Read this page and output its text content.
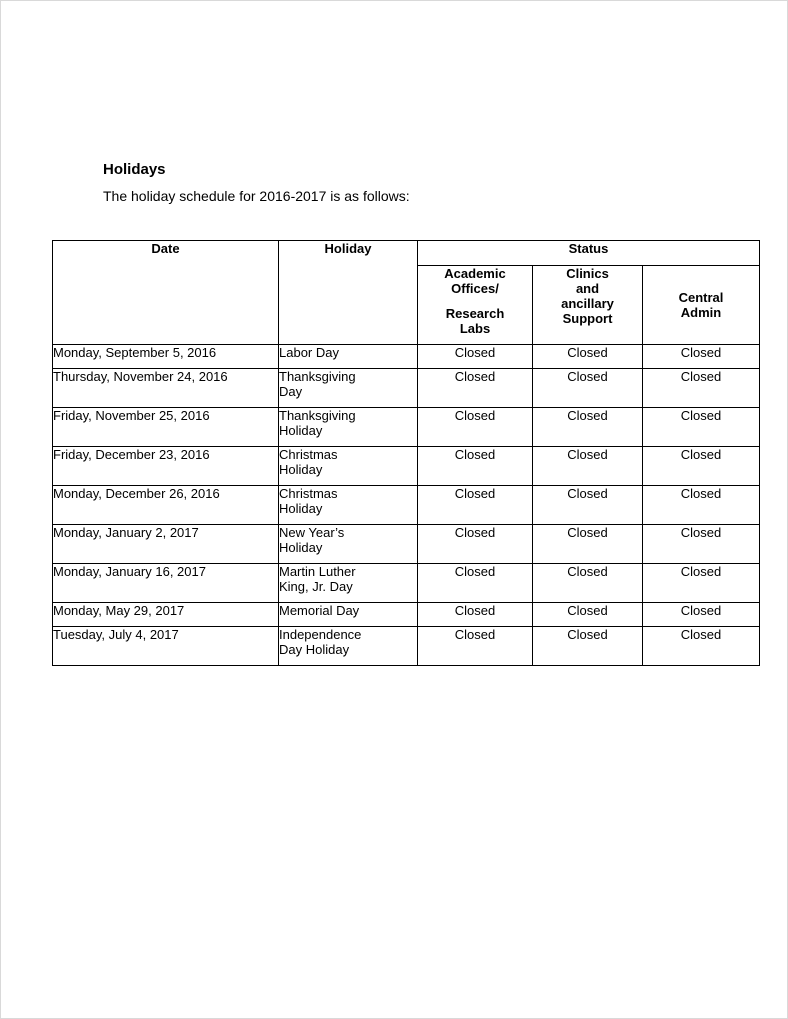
Holidays

The holiday schedule for 2016-2017 is as follows:

Date	Holiday	Status		

		Academic
Offices/
Research
Labs	Clinics
and
ancillary
Support	Central
Admin

Monday, September 5, 2016	Labor Day	Closed	Closed	Closed
Thursday, November 24, 2016	Thanksgiving
Day	Closed	Closed	Closed
Friday, November 25, 2016	Thanksgiving
Holiday	Closed	Closed	Closed
Friday, December 23, 2016	Christmas
Holiday	Closed	Closed	Closed
Monday, December 26, 2016	Christmas
Holiday	Closed	Closed	Closed
Monday, January 2, 2017	New Year’s
Holiday	Closed	Closed	Closed
Monday, January 16, 2017	Martin Luther
King, Jr. Day	Closed	Closed	Closed
Monday, May 29, 2017	Memorial Day	Closed	Closed	Closed
Tuesday, July 4, 2017	Independence
Day Holiday	Closed	Closed	Closed
